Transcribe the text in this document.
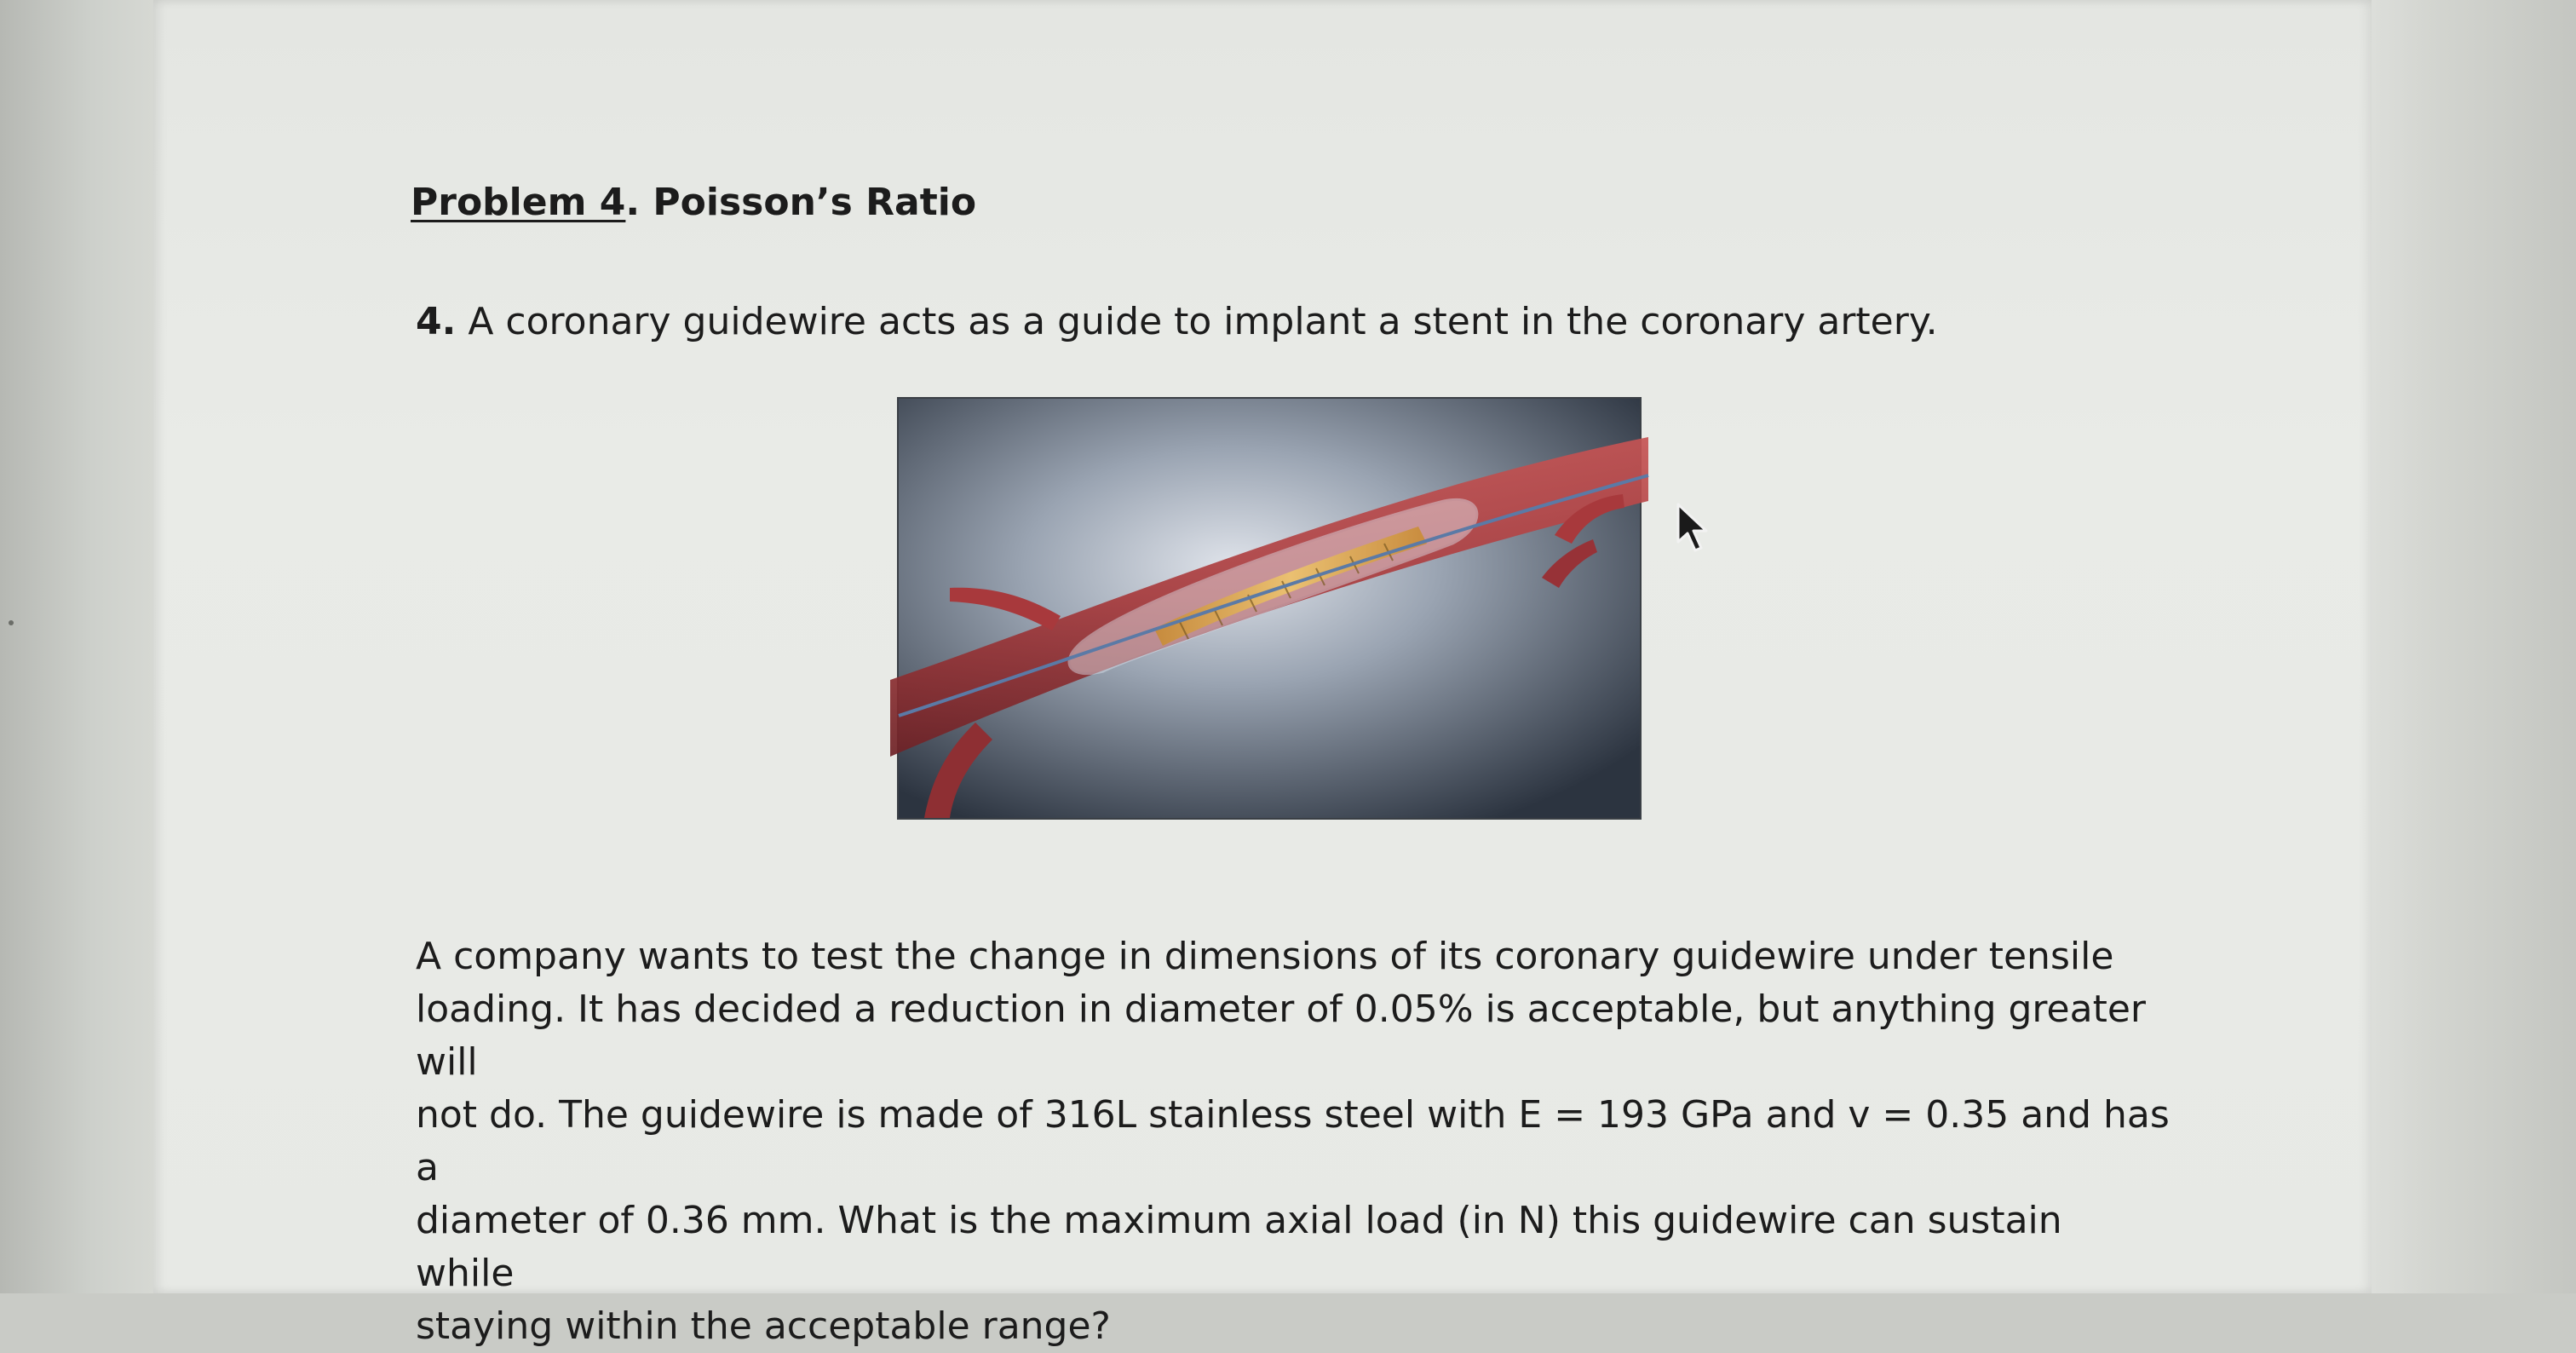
Problem 4. Poisson’s Ratio

4. A coronary guidewire acts as a guide to implant a stent in the coronary artery.

A company wants to test the change in dimensions of its coronary guidewire under tensile
loading. It has decided a reduction in diameter of 0.05% is acceptable, but anything greater will
not do. The guidewire is made of 316L stainless steel with E = 193 GPa and v = 0.35 and has a
diameter of 0.36 mm. What is the maximum axial load (in N) this guidewire can sustain while
staying within the acceptable range?
